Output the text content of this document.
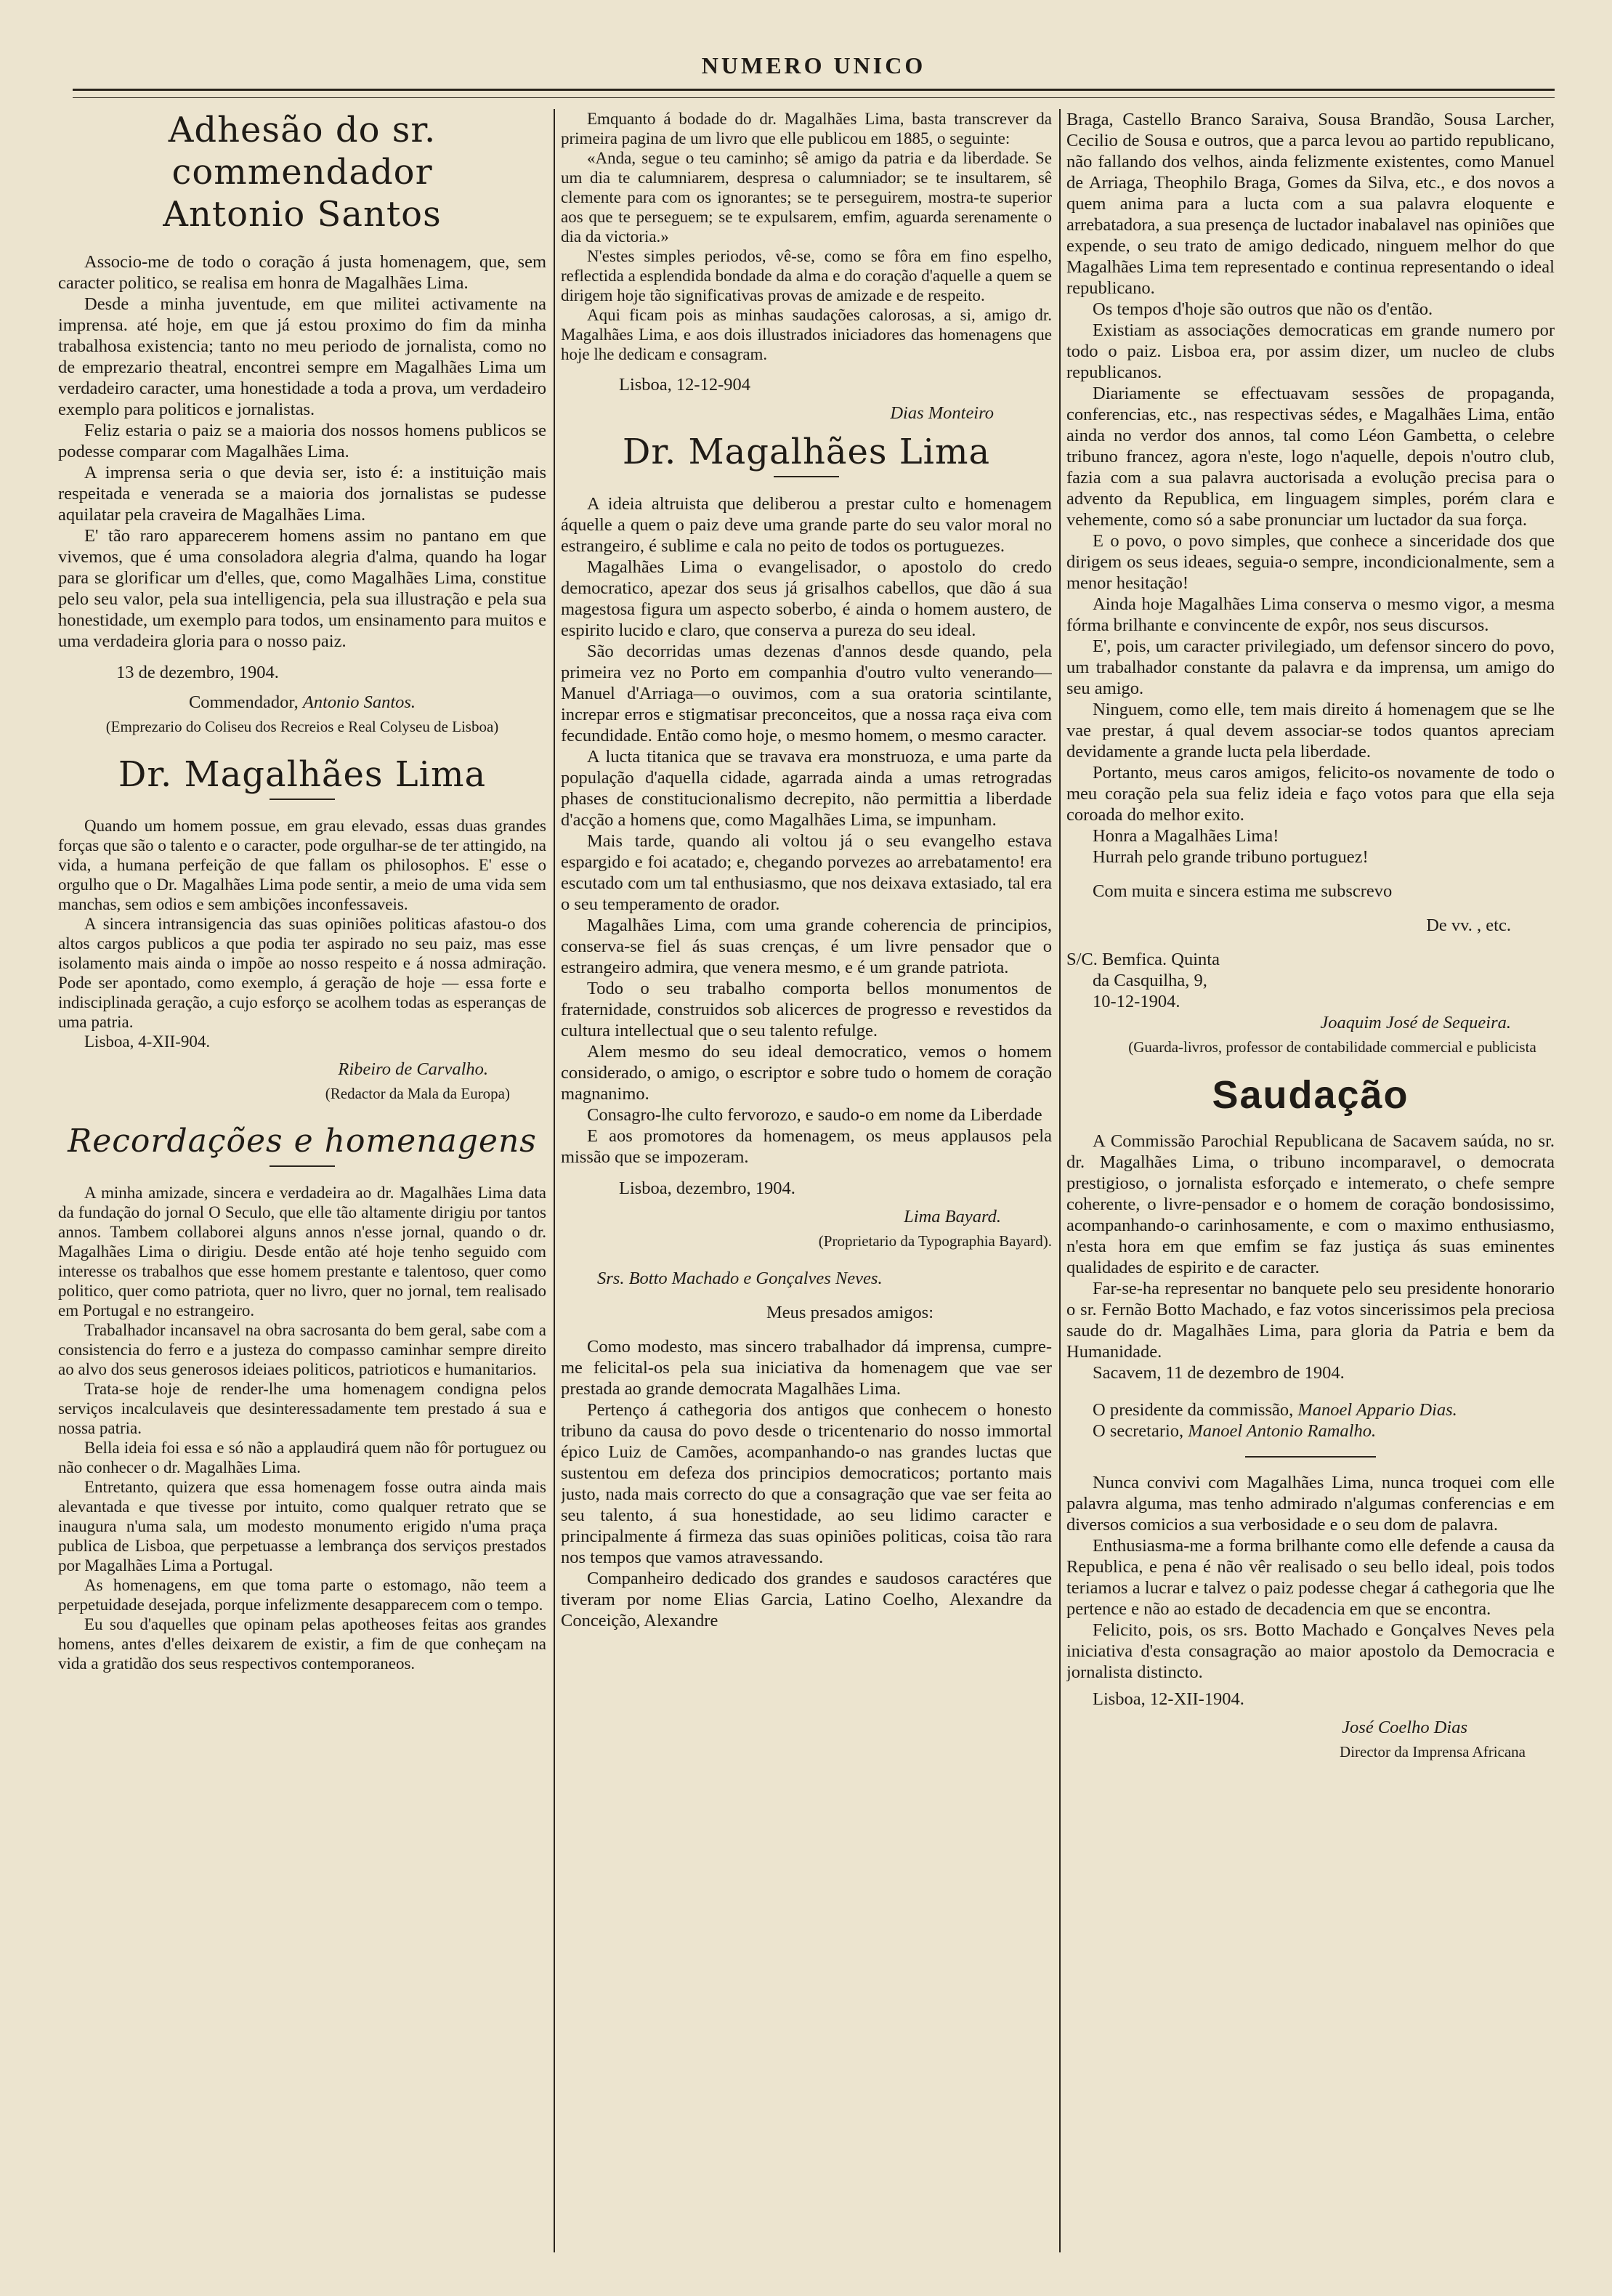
NUMERO UNICO
Adhesão do sr. commendador
Antonio Santos

Associo-me de todo o coração á justa homenagem, que, sem caracter politico, se realisa em honra de Magalhães Lima.

Desde a minha juventude, em que militei activamente na imprensa. até hoje, em que já estou proximo do fim da minha trabalhosa existencia; tanto no meu periodo de jornalista, como no de emprezario theatral, encontrei sempre em Magalhães Lima um verdadeiro caracter, uma honestidade a toda a prova, um verdadeiro exemplo para politicos e jornalistas.

Feliz estaria o paiz se a maioria dos nossos homens publicos se podesse comparar com Magalhães Lima.

A imprensa seria o que devia ser, isto é: a instituição mais respeitada e venerada se a maioria dos jornalistas se pudesse aquilatar pela craveira de Magalhães Lima.

E' tão raro apparecerem homens assim no pantano em que vivemos, que é uma consoladora alegria d'alma, quando ha logar para se glorificar um d'elles, que, como Magalhães Lima, constitue pelo seu valor, pela sua intelligencia, pela sua illustração e pela sua honestidade, um exemplo para todos, um ensinamento para muitos e uma verdadeira gloria para o nosso paiz.

13 de dezembro, 1904.

Commendador, Antonio Santos.

(Emprezario do Coliseu dos Recreios e Real Colyseu de Lisboa)

Dr. Magalhães Lima

Quando um homem possue, em grau elevado, essas duas grandes forças que são o talento e o caracter, pode orgulhar-se de ter attingido, na vida, a humana perfeição de que fallam os philosophos. E' esse o orgulho que o Dr. Magalhães Lima pode sentir, a meio de uma vida sem manchas, sem odios e sem ambições inconfessaveis.

A sincera intransigencia das suas opiniões politicas afastou-o dos altos cargos publicos a que podia ter aspirado no seu paiz, mas esse isolamento mais ainda o impõe ao nosso respeito e á nossa admiração. Pode ser apontado, como exemplo, á geração de hoje — essa forte e indisciplinada geração, a cujo esforço se acolhem todas as esperanças de uma patria.

Lisboa, 4-XII-904.

Ribeiro de Carvalho.

(Redactor da Mala da Europa)

Recordações e homenagens

A minha amizade, sincera e verdadeira ao dr. Magalhães Lima data da fundação do jornal O Seculo, que elle tão altamente dirigiu por tantos annos. Tambem collaborei alguns annos n'esse jornal, quando o dr. Magalhães Lima o dirigiu. Desde então até hoje tenho seguido com interesse os trabalhos que esse homem prestante e talentoso, quer como politico, quer como patriota, quer no livro, quer no jornal, tem realisado em Portugal e no estrangeiro.

Trabalhador incansavel na obra sacrosanta do bem geral, sabe com a consistencia do ferro e a justeza do compasso caminhar sempre direito ao alvo dos seus generosos ideiaes politicos, patrioticos e humanitarios.

Trata-se hoje de render-lhe uma homenagem condigna pelos serviços incalculaveis que desinteressadamente tem prestado á sua e nossa patria.

Bella ideia foi essa e só não a applaudirá quem não fôr portuguez ou não conhecer o dr. Magalhães Lima.

Entretanto, quizera que essa homenagem fosse outra ainda mais alevantada e que tivesse por intuito, como qualquer retrato que se inaugura n'uma sala, um modesto monumento erigido n'uma praça publica de Lisboa, que perpetuasse a lembrança dos serviços prestados por Magalhães Lima a Portugal.

As homenagens, em que toma parte o estomago, não teem a perpetuidade desejada, porque infelizmente desapparecem com o tempo.

Eu sou d'aquelles que opinam pelas apotheoses feitas aos grandes homens, antes d'elles deixarem de existir, a fim de que conheçam na vida a gratidão dos seus respectivos contemporaneos.

Emquanto á bodade do dr. Magalhães Lima, basta transcrever da primeira pagina de um livro que elle publicou em 1885, o seguinte:

«Anda, segue o teu caminho; sê amigo da patria e da liberdade. Se um dia te calumniarem, despresa o calumniador; se te insultarem, sê clemente para com os ignorantes; se te perseguirem, mostra-te superior aos que te perseguem; se te expulsarem, emfim, aguarda serenamente o dia da victoria.»

N'estes simples periodos, vê-se, como se fôra em fino espelho, reflectida a esplendida bondade da alma e do coração d'aquelle a quem se dirigem hoje tão significativas provas de amizade e de respeito.

Aqui ficam pois as minhas saudações calorosas, a si, amigo dr. Magalhães Lima, e aos dois illustrados iniciadores das homenagens que hoje lhe dedicam e consagram.

Lisboa, 12-12-904

Dias Monteiro

Dr. Magalhães Lima

A ideia altruista que deliberou a prestar culto e homenagem áquelle a quem o paiz deve uma grande parte do seu valor moral no estrangeiro, é sublime e cala no peito de todos os portuguezes.

Magalhães Lima o evangelisador, o apostolo do credo democratico, apezar dos seus já grisalhos cabellos, que dão á sua magestosa figura um aspecto soberbo, é ainda o homem austero, de espirito lucido e claro, que conserva a pureza do seu ideal.

São decorridas umas dezenas d'annos desde quando, pela primeira vez no Porto em companhia d'outro vulto venerando—Manuel d'Arriaga—o ouvimos, com a sua oratoria scintilante, increpar erros e stigmatisar preconceitos, que a nossa raça eiva com fecundidade. Então como hoje, o mesmo homem, o mesmo caracter.

A lucta titanica que se travava era monstruoza, e uma parte da população d'aquella cidade, agarrada ainda a umas retrogradas phases de constitucionalismo decrepito, não permittia a liberdade d'acção a homens que, como Magalhães Lima, se impunham.

Mais tarde, quando ali voltou já o seu evangelho estava espargido e foi acatado; e, chegando porvezes ao arrebatamento! era escutado com um tal enthusiasmo, que nos deixava extasiado, tal era o seu temperamento de orador.

Magalhães Lima, com uma grande coherencia de principios, conserva-se fiel ás suas crenças, é um livre pensador que o estrangeiro admira, que venera mesmo, e é um grande patriota.

Todo o seu trabalho comporta bellos monumentos de fraternidade, construidos sob alicerces de progresso e revestidos da cultura intellectual que o seu talento refulge.

Alem mesmo do seu ideal democratico, vemos o homem considerado, o amigo, o escriptor e sobre tudo o homem de coração magnanimo.

Consagro-lhe culto fervorozo, e saudo-o em nome da Liberdade

E aos promotores da homenagem, os meus applausos pela missão que se impozeram.

Lisboa, dezembro, 1904.

Lima Bayard.

(Proprietario da Typographia Bayard).

Srs. Botto Machado e Gonçalves Neves.

Meus presados amigos:

Como modesto, mas sincero trabalhador dá imprensa, cumpre-me felicital-os pela sua iniciativa da homenagem que vae ser prestada ao grande democrata Magalhães Lima.

Pertenço á cathegoria dos antigos que conhecem o honesto tribuno da causa do povo desde o tricentenario do nosso immortal épico Luiz de Camões, acompanhando-o nas grandes luctas que sustentou em defeza dos principios democraticos; portanto mais justo, nada mais correcto do que a consagração que vae ser feita ao seu talento, á sua honestidade, ao seu lidimo caracter e principalmente á firmeza das suas opiniões politicas, coisa tão rara nos tempos que vamos atravessando.

Companheiro dedicado dos grandes e saudosos caractéres que tiveram por nome Elias Garcia, Latino Coelho, Alexandre da Conceição, Alexandre

Braga, Castello Branco Saraiva, Sousa Brandão, Sousa Larcher, Cecilio de Sousa e outros, que a parca levou ao partido republicano, não fallando dos velhos, ainda felizmente existentes, como Manuel de Arriaga, Theophilo Braga, Gomes da Silva, etc., e dos novos a quem anima para a lucta com a sua palavra eloquente e arrebatadora, a sua presença de luctador inabalavel nas opiniões que expende, o seu trato de amigo dedicado, ninguem melhor do que Magalhães Lima tem representado e continua representando o ideal republicano.

Os tempos d'hoje são outros que não os d'então.

Existiam as associações democraticas em grande numero por todo o paiz. Lisboa era, por assim dizer, um nucleo de clubs republicanos.

Diariamente se effectuavam sessões de propaganda, conferencias, etc., nas respectivas sédes, e Magalhães Lima, então ainda no verdor dos annos, tal como Léon Gambetta, o celebre tribuno francez, agora n'este, logo n'aquelle, depois n'outro club, fazia com a sua palavra auctorisada a evolução precisa para o advento da Republica, em linguagem simples, porém clara e vehemente, como só a sabe pronunciar um luctador da sua força.

E o povo, o povo simples, que conhece a sinceridade dos que dirigem os seus ideaes, seguia-o sempre, incondicionalmente, sem a menor hesitação!

Ainda hoje Magalhães Lima conserva o mesmo vigor, a mesma fórma brilhante e convincente de expôr, nos seus discursos.

E', pois, um caracter privilegiado, um defensor sincero do povo, um trabalhador constante da palavra e da imprensa, um amigo do seu amigo.

Ninguem, como elle, tem mais direito á homenagem que se lhe vae prestar, á qual devem associar-se todos quantos apreciam devidamente a grande lucta pela liberdade.

Portanto, meus caros amigos, felicito-os novamente de todo o meu coração pela sua feliz ideia e faço votos para que ella seja coroada do melhor exito.

Honra a Magalhães Lima!

Hurrah pelo grande tribuno portuguez!

Com muita e sincera estima me subscrevo

De vv. , etc.

S/C. Bemfica. Quinta

da Casquilha, 9,

10-12-1904.

Joaquim José de Sequeira.

(Guarda-livros, professor de contabilidade commercial e publicista

Saudação

A Commissão Parochial Republicana de Sacavem saúda, no sr. dr. Magalhães Lima, o tribuno incomparavel, o democrata prestigioso, o jornalista esforçado e intemerato, o chefe sempre coherente, o livre-pensador e o homem de coração bondosissimo, acompanhando-o carinhosamente, e com o maximo enthusiasmo, n'esta hora em que emfim se faz justiça ás suas eminentes qualidades de espirito e de caracter.

Far-se-ha representar no banquete pelo seu presidente honorario o sr. Fernão Botto Machado, e faz votos sincerissimos pela preciosa saude do dr. Magalhães Lima, para gloria da Patria e bem da Humanidade.

Sacavem, 11 de dezembro de 1904.

O presidente da commissão, Manoel Appario Dias.

O secretario, Manoel Antonio Ramalho.

Nunca convivi com Magalhães Lima, nunca troquei com elle palavra alguma, mas tenho admirado n'algumas conferencias e em diversos comicios a sua verbosidade e o seu dom de palavra.

Enthusiasma-me a forma brilhante como elle defende a causa da Republica, e pena é não vêr realisado o seu bello ideal, pois todos teriamos a lucrar e talvez o paiz podesse chegar á cathegoria que lhe pertence e não ao estado de decadencia em que se encontra.

Felicito, pois, os srs. Botto Machado e Gonçalves Neves pela iniciativa d'esta consagração ao maior apostolo da Democracia e jornalista distincto.

Lisboa, 12-XII-1904.

José Coelho Dias

Director da Imprensa Africana
